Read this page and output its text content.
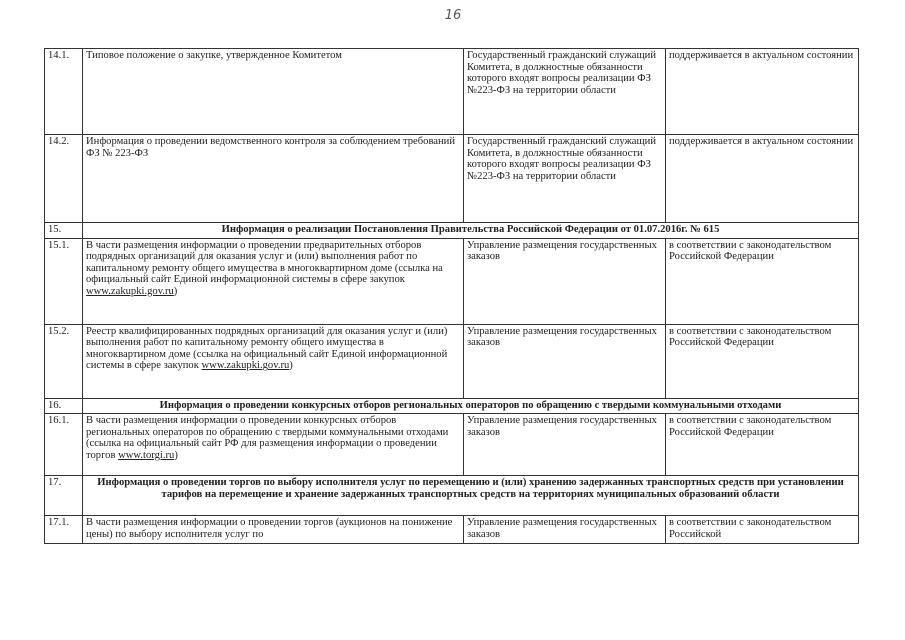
16
14.1.	Типовое положение о закупке, утвержденное Комитетом	Государственный гражданский служащий Комитета, в должностные обязанности которого входят вопросы реализации ФЗ №223-ФЗ на территории области	поддерживается в актуальном состоянии
14.2.	Информация о проведении ведомственного контроля за соблюдением требований ФЗ № 223-ФЗ	Государственный гражданский служащий Комитета, в должностные обязанности которого входят вопросы реализации ФЗ №223-ФЗ на территории области	поддерживается в актуальном состоянии
15.	Информация о реализации Постановления Правительства Российской Федерации от 01.07.2016г. № 615		
15.1.	В части размещения информации о проведении предварительных отборов подрядных организаций для оказания услуг и (или) выполнения работ по капитальному ремонту общего имущества в многоквартирном доме (ссылка на официальный сайт Единой информационной системы в сфере закупок www.zakupki.gov.ru)	Управление размещения государственных заказов	в соответствии с законодательством Российской Федерации
15.2.	Реестр квалифицированных подрядных организаций для оказания услуг и (или) выполнения работ по капитальному ремонту общего имущества в многоквартирном доме (ссылка на официальный сайт Единой информационной системы в сфере закупок www.zakupki.gov.ru)	Управление размещения государственных заказов	в соответствии с законодательством Российской Федерации
16.	Информация о проведении конкурсных отборов региональных операторов по обращению с твердыми коммунальными отходами		
16.1.	В части размещения информации о проведении конкурсных отборов региональных операторов по обращению с твердыми коммунальными отходами (ссылка на официальный сайт РФ для размещения информации о проведении торгов www.torgi.ru)	Управление размещения государственных заказов	в соответствии с законодательством Российской Федерации
17.	Информация о проведении торгов по выбору исполнителя услуг по перемещению и (или) хранению задержанных транспортных средств при установлении тарифов на перемещение и хранение задержанных транспортных средств на территориях муниципальных образований области		
17.1.	В части размещения информации о проведении торгов (аукционов на понижение цены) по выбору исполнителя услуг по	Управление размещения государственных заказов	в соответствии с законодательством Российской
